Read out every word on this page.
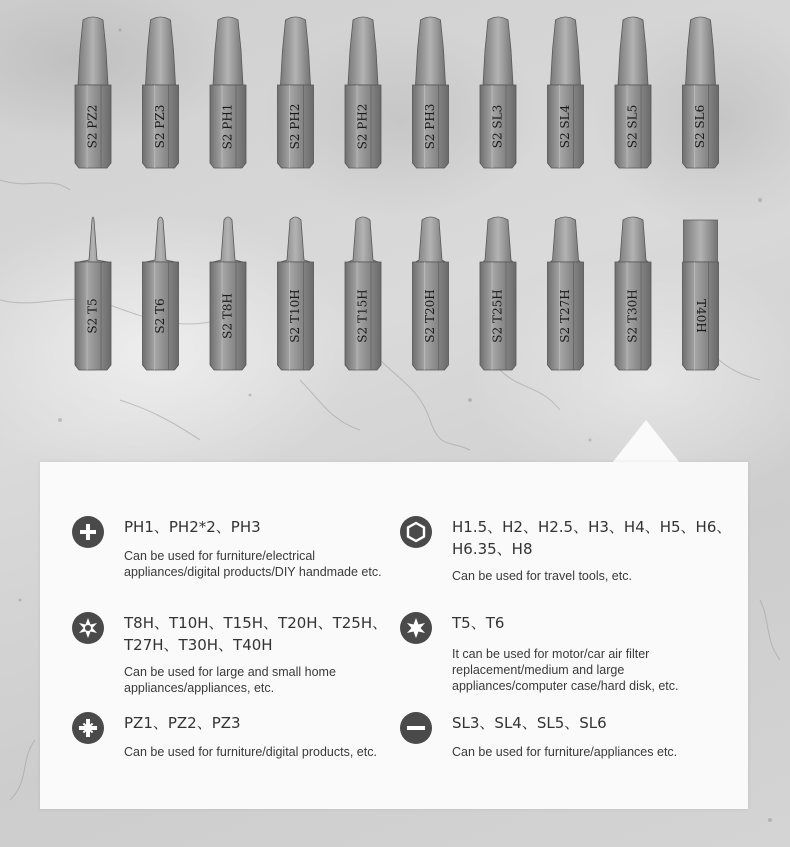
S2 PZ2	S2 PZ3	S2 PH1	S2 PH2	S2 PH2	S2 PH3	S2 SL3	S2 SL4	S2 SL5	S2 SL6
S2 T5	S2 T6	S2 T8H	S2 T10H	S2 T15H	S2 T20H	S2 T25H	S2 T27H	S2 T30H	T40H
PH1、PH2*2、PH3
Can be used for furniture/electrical appliances/digital products/DIY handmade etc.
H1.5、H2、H2.5、H3、H4、H5、H6、H6.35、H8
Can be used for travel tools, etc.
T8H、T10H、T15H、T20H、T25H、T27H、T30H、T40H
Can be used for large and small home appliances/appliances, etc.
T5、T6
It can be used for motor/car air filter replacement/medium and large appliances/computer case/hard disk, etc.
PZ1、PZ2、PZ3
Can be used for furniture/digital products, etc.
SL3、SL4、SL5、SL6
Can be used for furniture/appliances etc.
